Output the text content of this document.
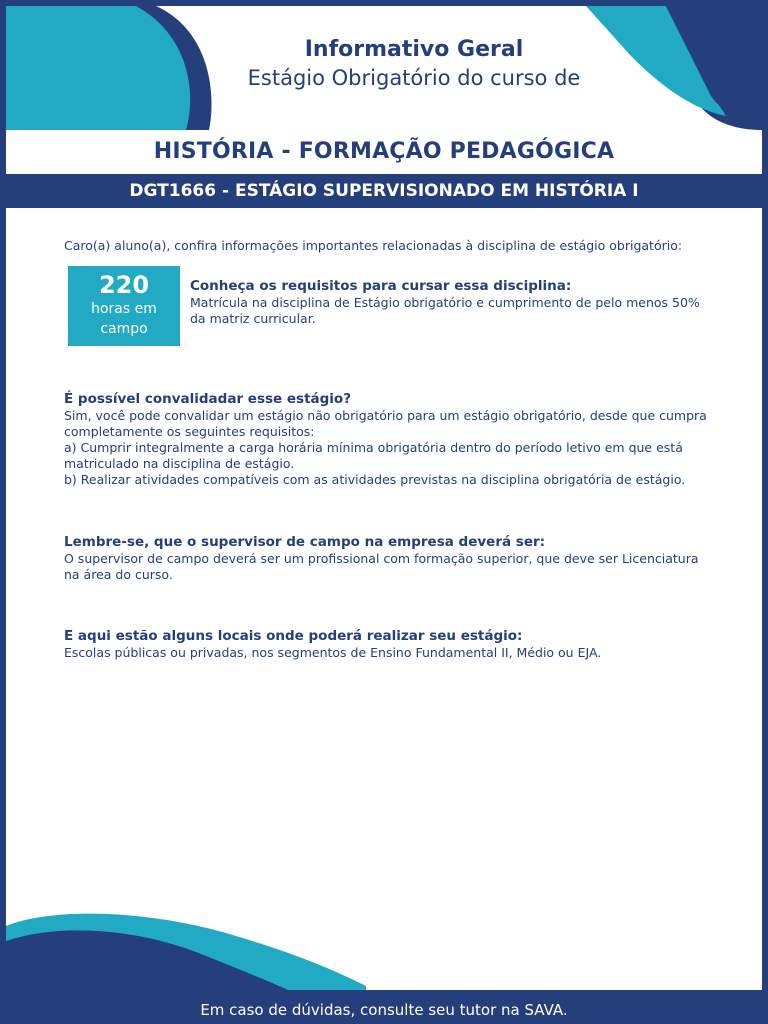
Informativo Geral
Estágio Obrigatório do curso de
HISTÓRIA - FORMAÇÃO PEDAGÓGICA
DGT1666 - ESTÁGIO SUPERVISIONADO EM HISTÓRIA I

Caro(a) aluno(a), confira informações importantes relacionadas à disciplina de estágio obrigatório:

220
horas em campo

Conheça os requisitos para cursar essa disciplina:

Matrícula na disciplina de Estágio obrigatório e cumprimento de pelo menos 50% da matriz curricular.

É possível convalidadar esse estágio?

Sim, você pode convalidar um estágio não obrigatório para um estágio obrigatório, desde que cumpra completamente os seguintes requisitos:

a) Cumprir integralmente a carga horária mínima obrigatória dentro do período letivo em que está matriculado na disciplina de estágio.

b) Realizar atividades compatíveis com as atividades previstas na disciplina obrigatória de estágio.

Lembre-se, que o supervisor de campo na empresa deverá ser:

O supervisor de campo deverá ser um profissional com formação superior, que deve ser Licenciatura na área do curso.

E aqui estão alguns locais onde poderá realizar seu estágio:

Escolas públicas ou privadas, nos segmentos de Ensino Fundamental II, Médio ou EJA.

Em caso de dúvidas, consulte seu tutor na SAVA.
